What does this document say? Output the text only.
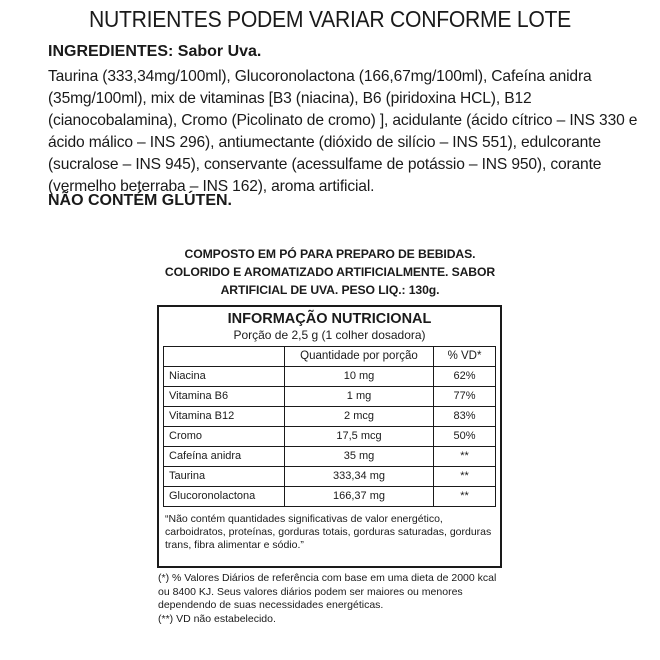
NUTRIENTES PODEM VARIAR CONFORME LOTE
INGREDIENTES: Sabor Uva.
Taurina (333,34mg/100ml), Glucoronolactona (166,67mg/100ml), Cafeína anidra (35mg/100ml), mix de vitaminas [B3 (niacina), B6 (piridoxina HCL), B12 (cianocobalamina), Cromo (Picolinato de cromo) ], acidulante (ácido cítrico – INS 330 e ácido málico – INS 296), antiumectante (dióxido de silício – INS 551), edulcorante (sucralose – INS 945), conservante (acessulfame de potássio – INS 950), corante (vermelho beterraba – INS 162), aroma artificial.
NÃO CONTÉM GLÚTEN.
COMPOSTO EM PÓ PARA PREPARO DE BEBIDAS.
COLORIDO E AROMATIZADO ARTIFICIALMENTE. SABOR
ARTIFICIAL DE UVA. PESO LIQ.: 130g.
INFORMAÇÃO NUTRICIONAL
Porção de 2,5 g (1 colher dosadora)
	Quantidade por porção	% VD*
Niacina	10 mg	62%
Vitamina B6	1 mg	77%
Vitamina B12	2 mcg	83%
Cromo	17,5 mcg	50%
Cafeína anidra	35 mg	**
Taurina	333,34 mg	**
Glucoronolactona	166,37 mg	**
“Não contém quantidades significativas de valor energético, carboidratos, proteínas, gorduras totais, gorduras saturadas, gorduras trans, fibra alimentar e sódio.”
(*) % Valores Diários de referência com base em uma dieta de 2000 kcal ou 8400 KJ. Seus valores diários podem ser maiores ou menores dependendo de suas necessidades energéticas.
(**) VD não estabelecido.
